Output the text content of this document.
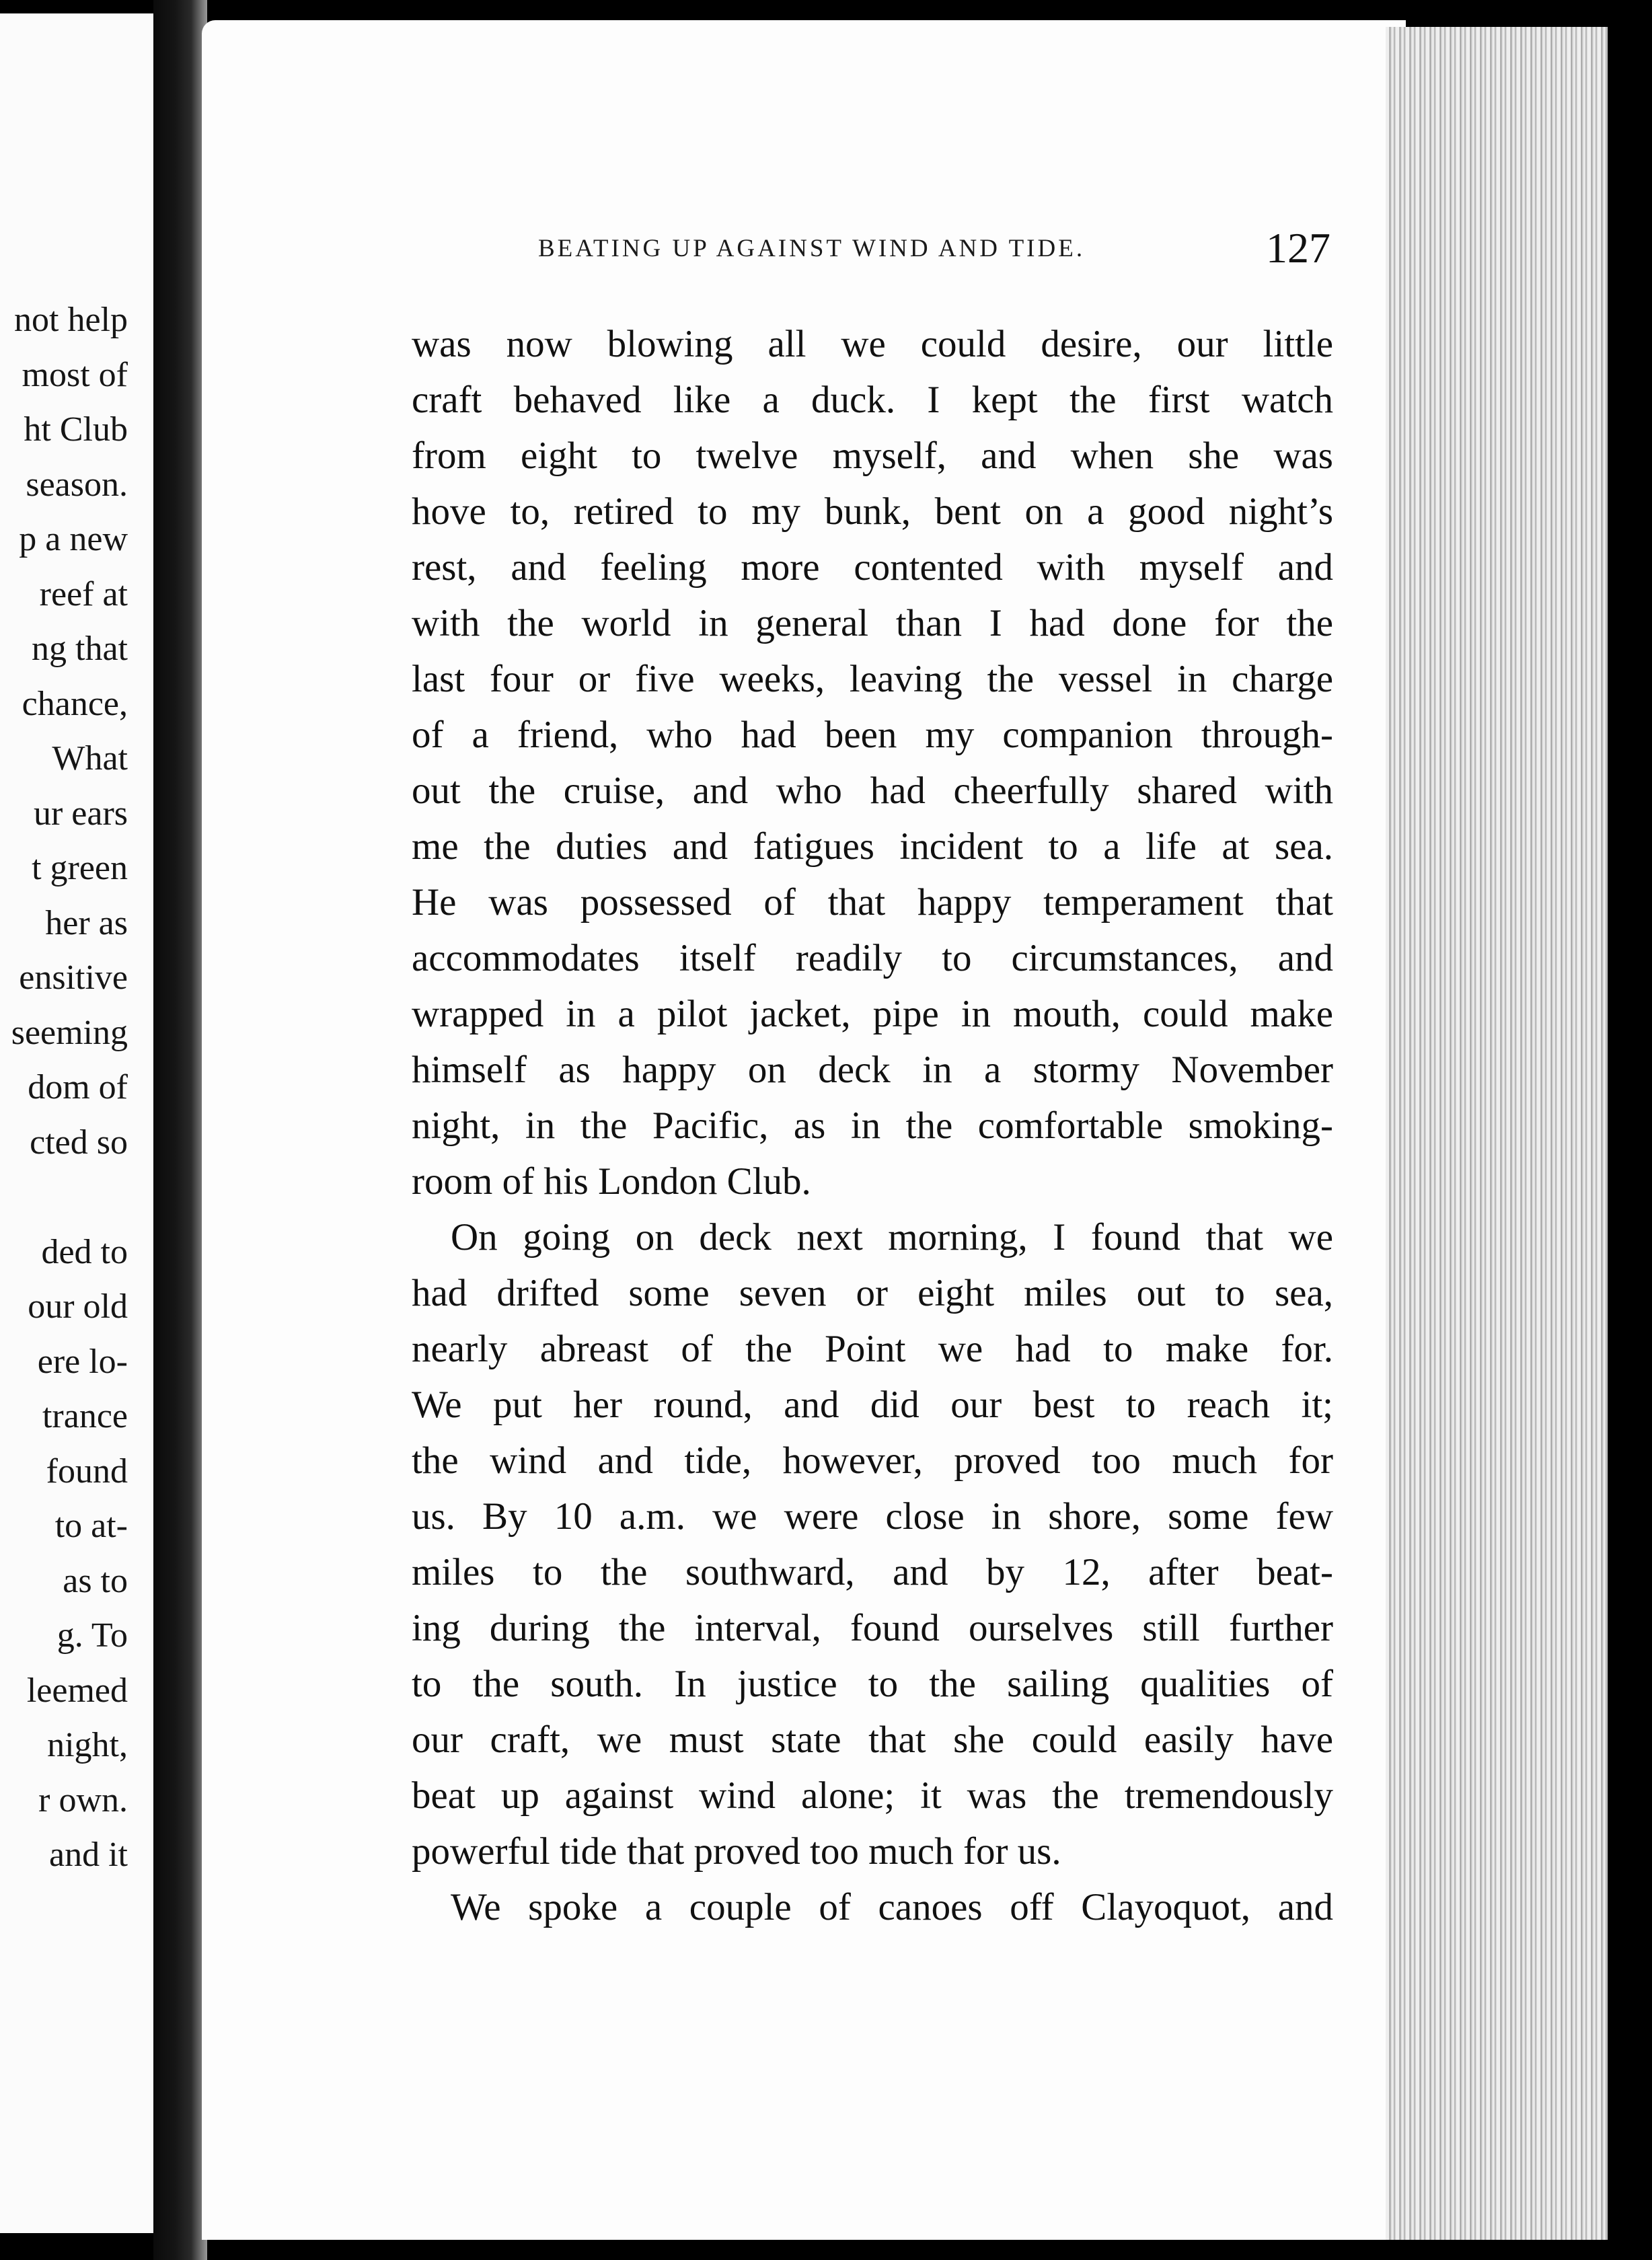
not help
most of
ht Club
season.
p a new
reef at
ng that
chance,
What
ur ears
t green
her as
ensitive
seeming
dom of
cted so
ded to
our old
ere lo-
trance
found
to at-
as to
g. To
leemed
night,
r own.
and it
BEATING UP AGAINST WIND AND TIDE.	127
was now blowing all we could desire, our little
craft behaved like a duck. I kept the first watch
from eight to twelve myself, and when she was
hove to, retired to my bunk, bent on a good night’s
rest, and feeling more contented with myself and
with the world in general than I had done for the
last four or five weeks, leaving the vessel in charge
of a friend, who had been my companion through-
out the cruise, and who had cheerfully shared with
me the duties and fatigues incident to a life at sea.
He was possessed of that happy temperament that
accommodates itself readily to circumstances, and
wrapped in a pilot jacket, pipe in mouth, could make
himself as happy on deck in a stormy November
night, in the Pacific, as in the comfortable smoking-
room of his London Club.
On going on deck next morning, I found that we
had drifted some seven or eight miles out to sea,
nearly abreast of the Point we had to make for.
We put her round, and did our best to reach it;
the wind and tide, however, proved too much for
us. By 10 a.m. we were close in shore, some few
miles to the southward, and by 12, after beat-
ing during the interval, found ourselves still further
to the south. In justice to the sailing qualities of
our craft, we must state that she could easily have
beat up against wind alone; it was the tremendously
powerful tide that proved too much for us.
We spoke a couple of canoes off Clayoquot, and
